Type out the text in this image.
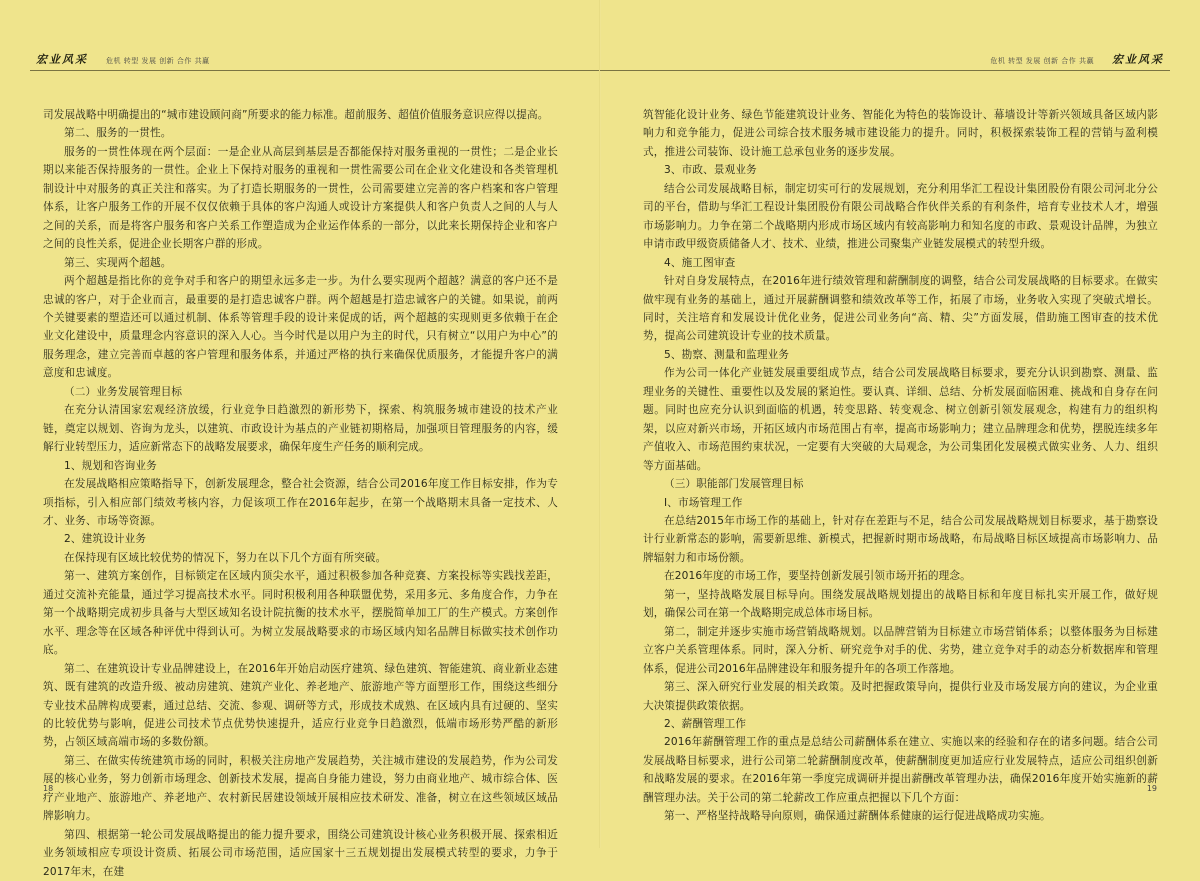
宏业风采	危机 转型 发展 创新 合作 共赢

司发展战略中明确提出的“城市建设顾问商”所要求的能力标准。超前服务、超值价值服务意识应得以提高。

第二、服务的一贯性。

服务的一贯性体现在两个层面：一是企业从高层到基层是否都能保持对服务重视的一贯性；二是企业长期以来能否保持服务的一贯性。企业上下保持对服务的重视和一贯性需要公司在企业文化建设和各类管理机制设计中对服务的真正关注和落实。为了打造长期服务的一贯性，公司需要建立完善的客户档案和客户管理体系，让客户服务工作的开展不仅仅依赖于具体的客户沟通人或设计方案提供人和客户负责人之间的人与人之间的关系，而是将客户服务和客户关系工作塑造成为企业运作体系的一部分，以此来长期保持企业和客户之间的良性关系，促进企业长期客户群的形成。

第三、实现两个超越。

两个超越是指比你的竞争对手和客户的期望永远多走一步。为什么要实现两个超越？满意的客户还不是忠诚的客户，对于企业而言，最重要的是打造忠诚客户群。两个超越是打造忠诚客户的关键。如果说，前两个关键要素的塑造还可以通过机制、体系等管理手段的设计来促成的话，两个超越的实现则更多依赖于在企业文化建设中，质量理念内容意识的深入人心。当今时代是以用户为主的时代，只有树立“以用户为中心”的服务理念，建立完善而卓越的客户管理和服务体系，并通过严格的执行来确保优质服务，才能提升客户的满意度和忠诚度。

（二）业务发展管理目标

在充分认清国家宏观经济放缓，行业竞争日趋激烈的新形势下，探索、构筑服务城市建设的技术产业链，奠定以规划、咨询为龙头，以建筑、市政设计为基点的产业链初期格局，加强项目管理服务的内容，缓解行业转型压力，适应新常态下的战略发展要求，确保年度生产任务的顺利完成。

1、规划和咨询业务

在发展战略相应策略指导下，创新发展理念，整合社会资源，结合公司2016年度工作目标安排，作为专项指标，引入相应部门绩效考核内容，力促该项工作在2016年起步，在第一个战略期末具备一定技术、人才、业务、市场等资源。

2、建筑设计业务

在保持现有区域比较优势的情况下，努力在以下几个方面有所突破。

第一、建筑方案创作，目标锁定在区域内顶尖水平，通过积极参加各种竞赛、方案投标等实践找差距，通过交流补充能量，通过学习提高技术水平。同时积极利用各种联盟优势，采用多元、多角度合作，力争在第一个战略期完成初步具备与大型区域知名设计院抗衡的技术水平，摆脱简单加工厂的生产模式。方案创作水平、理念等在区域各种评优中得到认可。为树立发展战略要求的市场区域内知名品牌目标做实技术创作功底。

第二、在建筑设计专业品牌建设上，在2016年开始启动医疗建筑、绿色建筑、智能建筑、商业新业态建筑、既有建筑的改造升级、被动房建筑、建筑产业化、养老地产、旅游地产等方面塑形工作，围绕这些细分专业技术品牌构成要素，通过总结、交流、参观、调研等方式，形成技术成熟、在区域内具有过硬的、坚实的比较优势与影响，促进公司技术节点优势快速提升，适应行业竞争日趋激烈，低端市场形势严酷的新形势，占领区域高端市场的多数份额。

第三、在做实传统建筑市场的同时，积极关注房地产发展趋势，关注城市建设的发展趋势，作为公司发展的核心业务，努力创新市场理念、创新技术发展，提高自身能力建设，努力由商业地产、城市综合体、医疗产业地产、旅游地产、养老地产、农村新民居建设领域开展相应技术研发、准备，树立在这些领域区域品牌影响力。

第四、根据第一轮公司发展战略提出的能力提升要求，围绕公司建筑设计核心业务积极开展、探索相近业务领域相应专项设计资质、拓展公司市场范围，适应国家十三五规划提出发展模式转型的要求，力争于2017年末，在建

18
危机 转型 发展 创新 合作 共赢 宏业风采

筑智能化设计业务、绿色节能建筑设计业务、智能化为特色的装饰设计、幕墙设计等新兴领域具备区域内影响力和竞争能力，促进公司综合技术服务城市建设能力的提升。同时，积极探索装饰工程的营销与盈利模式，推进公司装饰、设计施工总承包业务的逐步发展。

3、市政、景观业务

结合公司发展战略目标，制定切实可行的发展规划，充分利用华汇工程设计集团股份有限公司河北分公司的平台，借助与华汇工程设计集团股份有限公司战略合作伙伴关系的有利条件，培育专业技术人才，增强市场影响力。力争在第二个战略期内形成市场区域内有较高影响力和知名度的市政、景观设计品牌，为独立申请市政甲级资质储备人才、技术、业绩，推进公司聚集产业链发展模式的转型升级。

4、施工图审查

针对自身发展特点，在2016年进行绩效管理和薪酬制度的调整，结合公司发展战略的目标要求。在做实做牢现有业务的基础上，通过开展薪酬调整和绩效改革等工作，拓展了市场，业务收入实现了突破式增长。同时，关注培育和发展设计优化业务，促进公司业务向“高、精、尖”方面发展，借助施工图审查的技术优势，提高公司建筑设计专业的技术质量。

5、勘察、测量和监理业务

作为公司一体化产业链发展重要组成节点，结合公司发展战略目标要求，要充分认识到勘察、测量、监理业务的关键性、重要性以及发展的紧迫性。要认真、详细、总结、分析发展面临困难、挑战和自身存在问题。同时也应充分认识到面临的机遇，转变思路、转变观念、树立创新引领发展观念，构建有力的组织构架，以应对新兴市场，开拓区域内市场范围占有率，提高市场影响力；建立品牌理念和优势，摆脱连续多年产值收入、市场范围约束状况，一定要有大突破的大局观念，为公司集团化发展模式做实业务、人力、组织等方面基础。

（三）职能部门发展管理目标

Ⅰ、市场管理工作

在总结2015年市场工作的基础上，针对存在差距与不足，结合公司发展战略规划目标要求，基于勘察设计行业新常态的影响，需要新思维、新模式，把握新时期市场战略，布局战略目标区域提高市场影响力、品牌辐射力和市场份额。

在2016年度的市场工作，要坚持创新发展引领市场开拓的理念。

第一，坚持战略发展目标导向。围绕发展战略规划提出的战略目标和年度目标扎实开展工作，做好规划，确保公司在第一个战略期完成总体市场目标。

第二，制定并逐步实施市场营销战略规划。以品牌营销为目标建立市场营销体系；以整体服务为目标建立客户关系管理体系。同时，深入分析、研究竞争对手的优、劣势，建立竞争对手的动态分析数据库和管理体系，促进公司2016年品牌建设年和服务提升年的各项工作落地。

第三、深入研究行业发展的相关政策。及时把握政策导向，提供行业及市场发展方向的建议，为企业重大决策提供政策依据。

2、薪酬管理工作

2016年薪酬管理工作的重点是总结公司薪酬体系在建立、实施以来的经验和存在的诸多问题。结合公司发展战略目标要求，进行公司第二轮薪酬制度改革，使薪酬制度更加适应行业发展特点，适应公司组织创新和战略发展的要求。在2016年第一季度完成调研并提出薪酬改革管理办法，确保2016年度开始实施新的薪酬管理办法。关于公司的第二轮薪改工作应重点把握以下几个方面：

第一、严格坚持战略导向原则，确保通过薪酬体系健康的运行促进战略成功实施。

19
